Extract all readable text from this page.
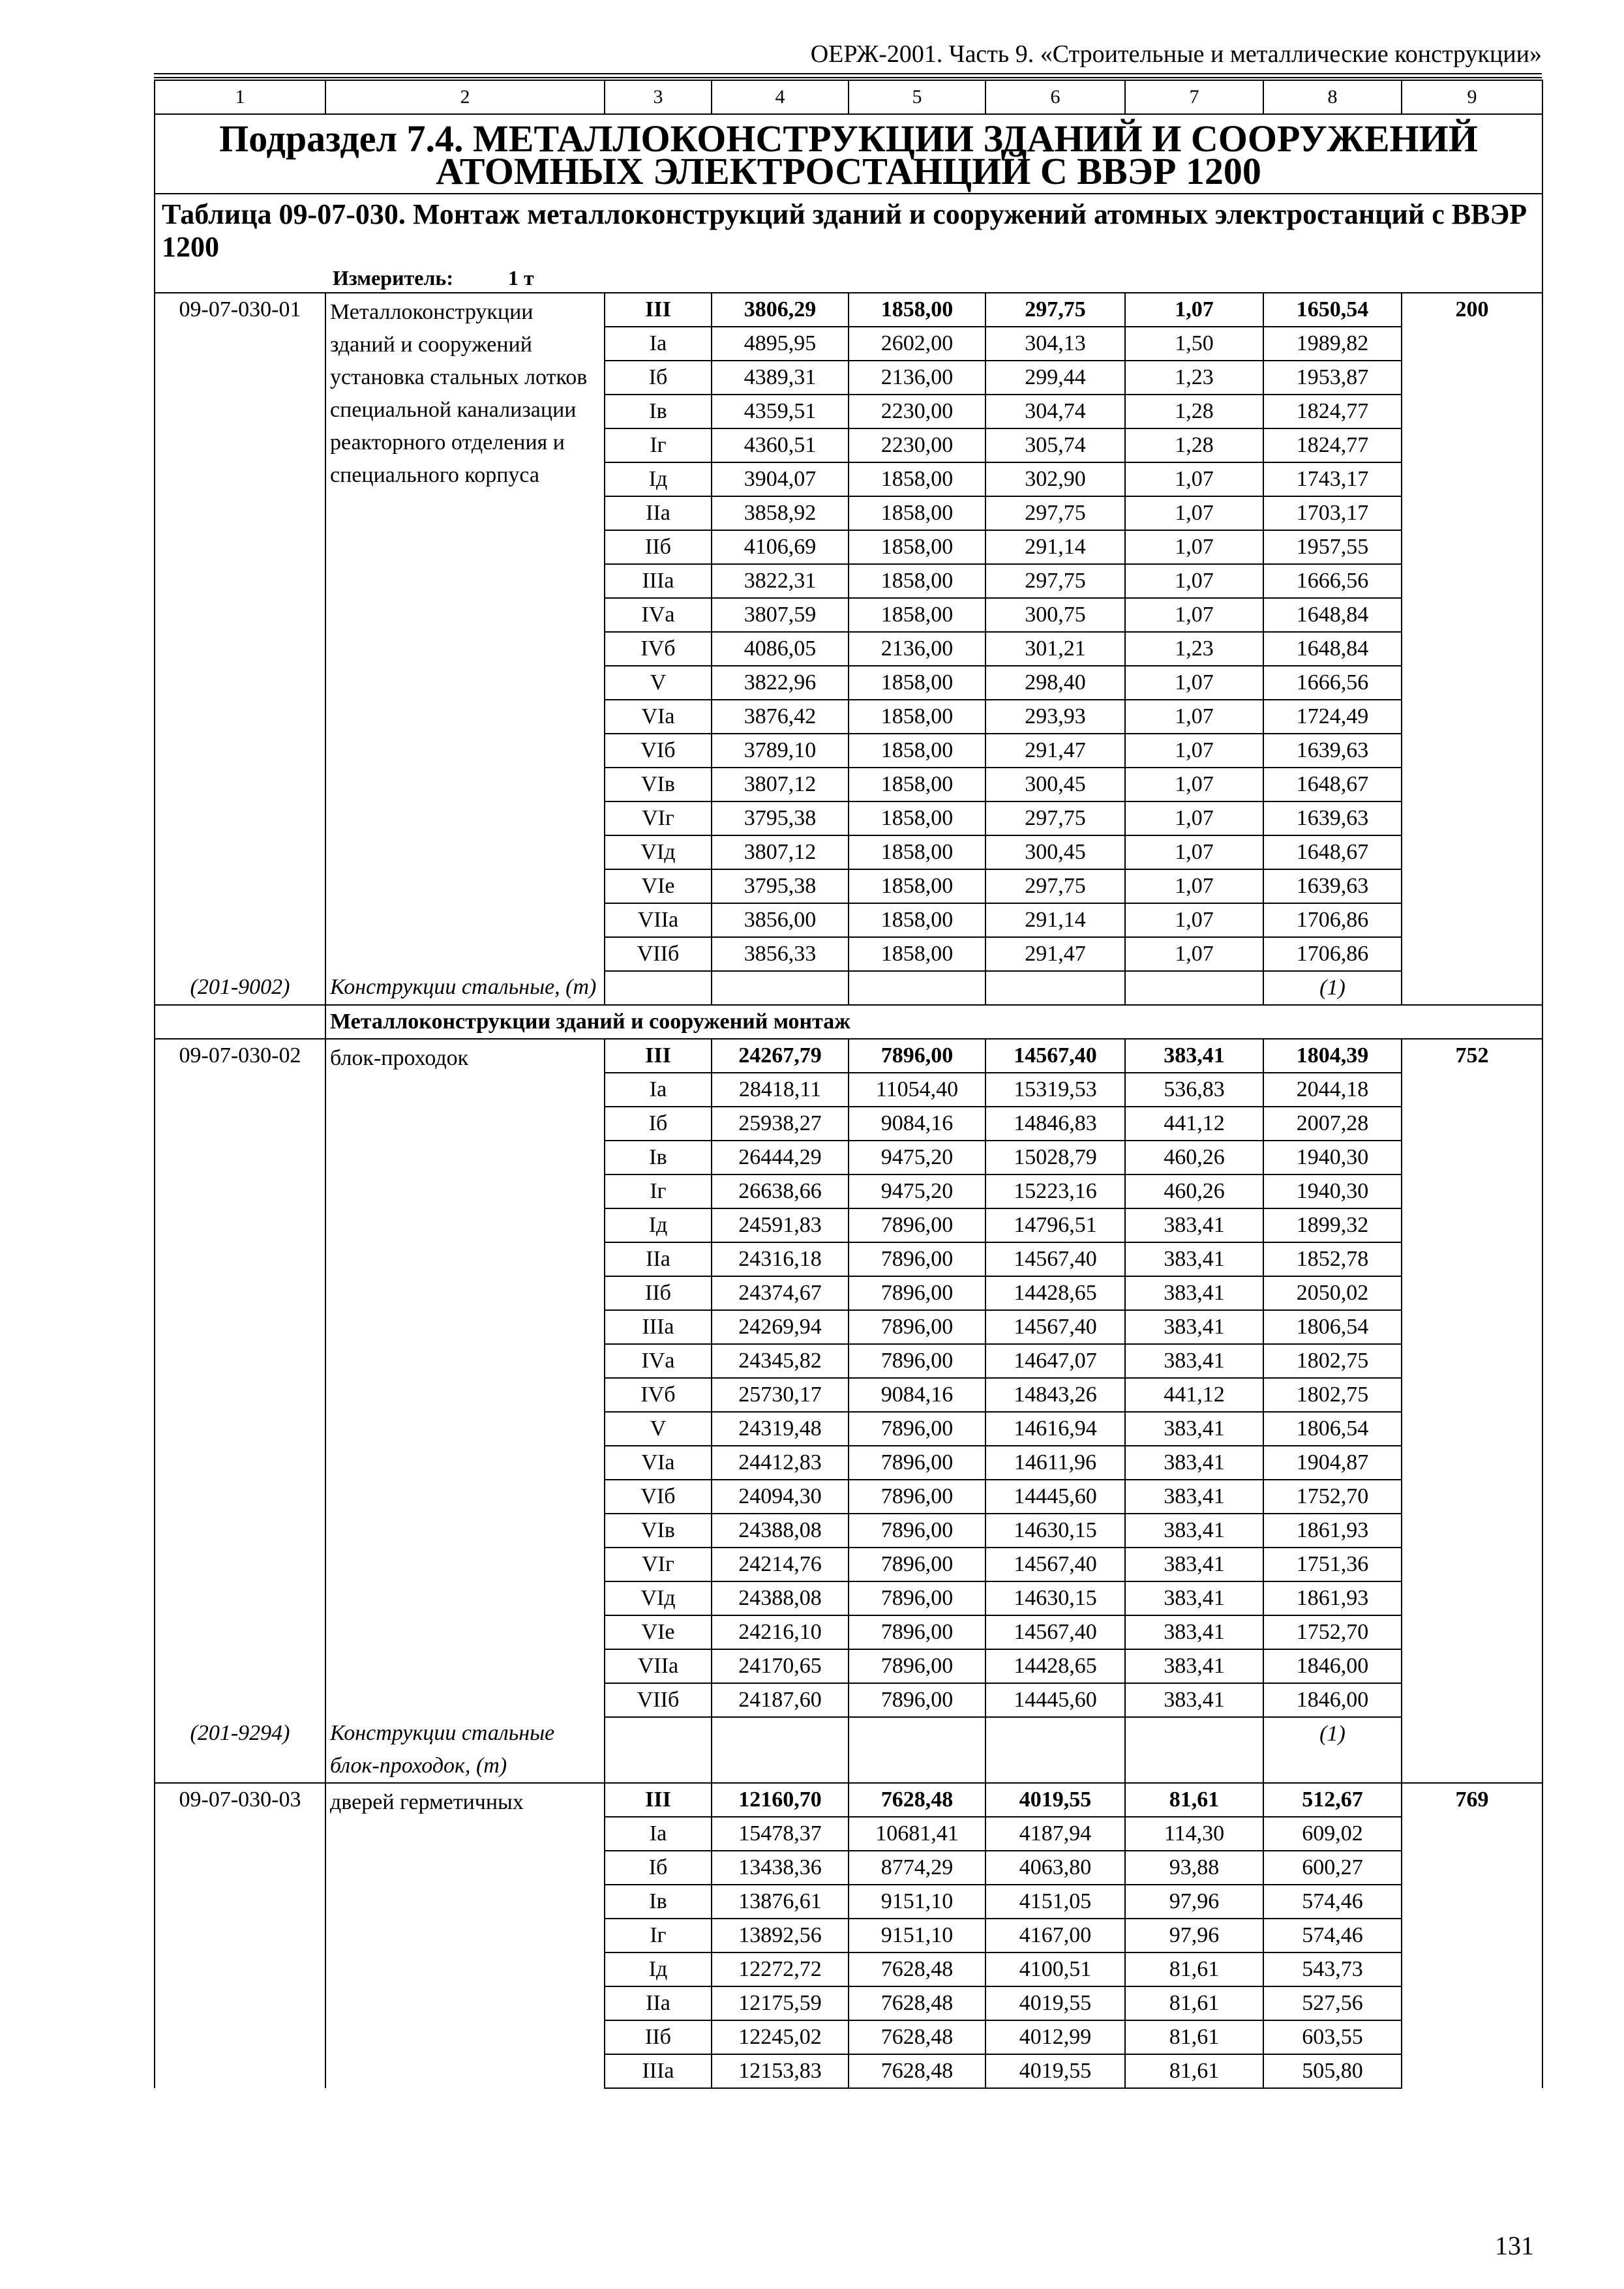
ОЕРЖ-2001. Часть 9. «Строительные и металлические конструкции»
1	2	3	4	5	6	7	8	9

Подраздел 7.4. МЕТАЛЛОКОНСТРУКЦИИ ЗДАНИЙ И СООРУЖЕНИЙ
АТОМНЫХ ЭЛЕКТРОСТАНЦИЙ С ВВЭР 1200								

Таблица 09-07-030. Монтаж металлоконструкций зданий и сооружений атомных электростанций с ВВЭР 1200
Измеритель: 1 т								

09-07-030-01	Металлоконструкции зданий и сооружений установка стальных лотков специальной канализации реакторного отделения и специального корпуса	III	3806,29	1858,00	297,75	1,07	1650,54	200
		Iа	4895,95	2602,00	304,13	1,50	1989,82	
		Iб	4389,31	2136,00	299,44	1,23	1953,87	
		Iв	4359,51	2230,00	304,74	1,28	1824,77	
		Iг	4360,51	2230,00	305,74	1,28	1824,77	
		Iд	3904,07	1858,00	302,90	1,07	1743,17	
		IIа	3858,92	1858,00	297,75	1,07	1703,17	
		IIб	4106,69	1858,00	291,14	1,07	1957,55	
		IIIа	3822,31	1858,00	297,75	1,07	1666,56	
		IVа	3807,59	1858,00	300,75	1,07	1648,84	
		IVб	4086,05	2136,00	301,21	1,23	1648,84	
		V	3822,96	1858,00	298,40	1,07	1666,56	
		VIа	3876,42	1858,00	293,93	1,07	1724,49	
		VIб	3789,10	1858,00	291,47	1,07	1639,63	
		VIв	3807,12	1858,00	300,45	1,07	1648,67	
		VIг	3795,38	1858,00	297,75	1,07	1639,63	
		VIд	3807,12	1858,00	300,45	1,07	1648,67	
		VIе	3795,38	1858,00	297,75	1,07	1639,63	
		VIIа	3856,00	1858,00	291,14	1,07	1706,86	
		VIIб	3856,33	1858,00	291,47	1,07	1706,86	
(201-9002)	Конструкции стальные, (т)						(1)	
	Металлоконструкции зданий и сооружений монтаж							
09-07-030-02	блок-проходок	III	24267,79	7896,00	14567,40	383,41	1804,39	752
		Iа	28418,11	11054,40	15319,53	536,83	2044,18	
		Iб	25938,27	9084,16	14846,83	441,12	2007,28	
		Iв	26444,29	9475,20	15028,79	460,26	1940,30	
		Iг	26638,66	9475,20	15223,16	460,26	1940,30	
		Iд	24591,83	7896,00	14796,51	383,41	1899,32	
		IIа	24316,18	7896,00	14567,40	383,41	1852,78	
		IIб	24374,67	7896,00	14428,65	383,41	2050,02	
		IIIа	24269,94	7896,00	14567,40	383,41	1806,54	
		IVа	24345,82	7896,00	14647,07	383,41	1802,75	
		IVб	25730,17	9084,16	14843,26	441,12	1802,75	
		V	24319,48	7896,00	14616,94	383,41	1806,54	
		VIа	24412,83	7896,00	14611,96	383,41	1904,87	
		VIб	24094,30	7896,00	14445,60	383,41	1752,70	
		VIв	24388,08	7896,00	14630,15	383,41	1861,93	
		VIг	24214,76	7896,00	14567,40	383,41	1751,36	
		VIд	24388,08	7896,00	14630,15	383,41	1861,93	
		VIе	24216,10	7896,00	14567,40	383,41	1752,70	
		VIIа	24170,65	7896,00	14428,65	383,41	1846,00	
		VIIб	24187,60	7896,00	14445,60	383,41	1846,00	
(201-9294)	Конструкции стальные блок-проходок, (т)						(1)	
09-07-030-03	дверей герметичных	III	12160,70	7628,48	4019,55	81,61	512,67	769
		Iа	15478,37	10681,41	4187,94	114,30	609,02	
		Iб	13438,36	8774,29	4063,80	93,88	600,27	
		Iв	13876,61	9151,10	4151,05	97,96	574,46	
		Iг	13892,56	9151,10	4167,00	97,96	574,46	
		Iд	12272,72	7628,48	4100,51	81,61	543,73	
		IIа	12175,59	7628,48	4019,55	81,61	527,56	
		IIб	12245,02	7628,48	4012,99	81,61	603,55	
		IIIа	12153,83	7628,48	4019,55	81,61	505,80	
131
